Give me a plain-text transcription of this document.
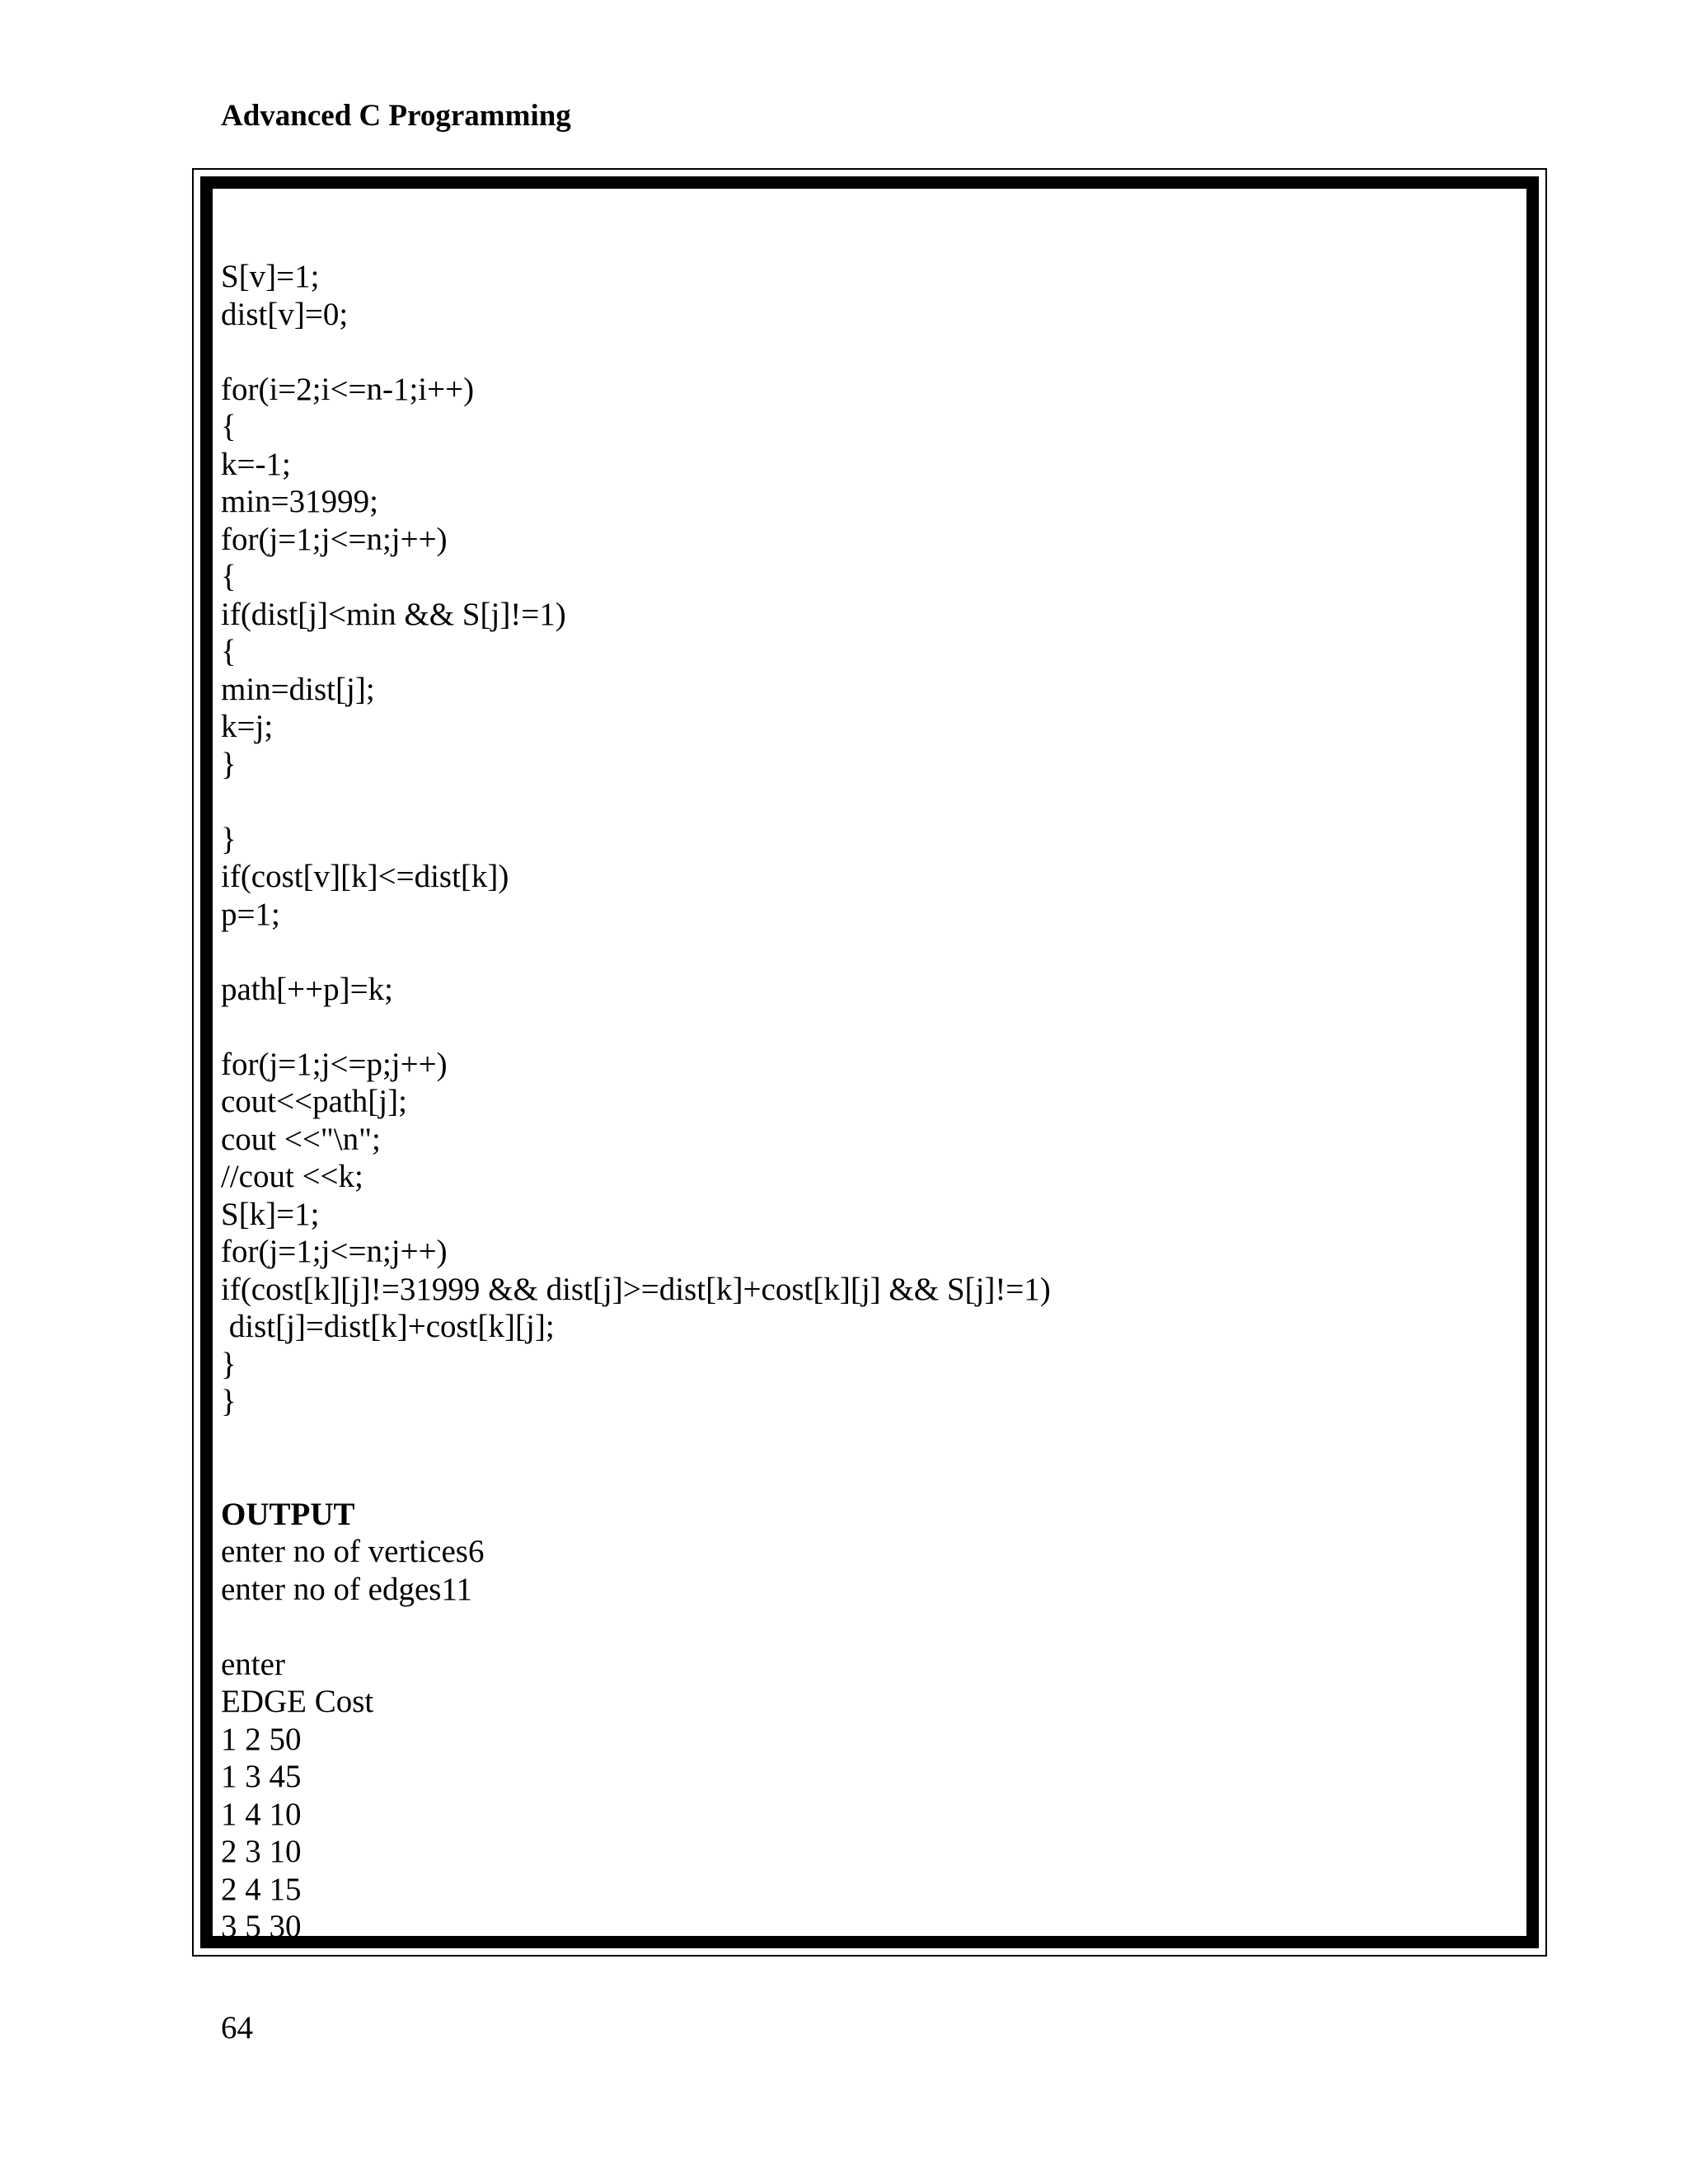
Advanced C Programming
S[v]=1;
dist[v]=0;
for(i=2;i<=n-1;i++)
{
k=-1;
min=31999;
for(j=1;j<=n;j++)
{
if(dist[j]<min && S[j]!=1)
{
min=dist[j];
k=j;
}
}
if(cost[v][k]<=dist[k])
p=1;
path[++p]=k;
for(j=1;j<=p;j++)
cout<<path[j];
cout <<"\n";
//cout <<k;
S[k]=1;
for(j=1;j<=n;j++)
if(cost[k][j]!=31999 && dist[j]>=dist[k]+cost[k][j] && S[j]!=1)
dist[j]=dist[k]+cost[k][j];
}
}
OUTPUT
enter no of vertices6
enter no of edges11
enter
EDGE Cost
1 2 50
1 3 45
1 4 10
2 3 10
2 4 15
3 5 30
64
